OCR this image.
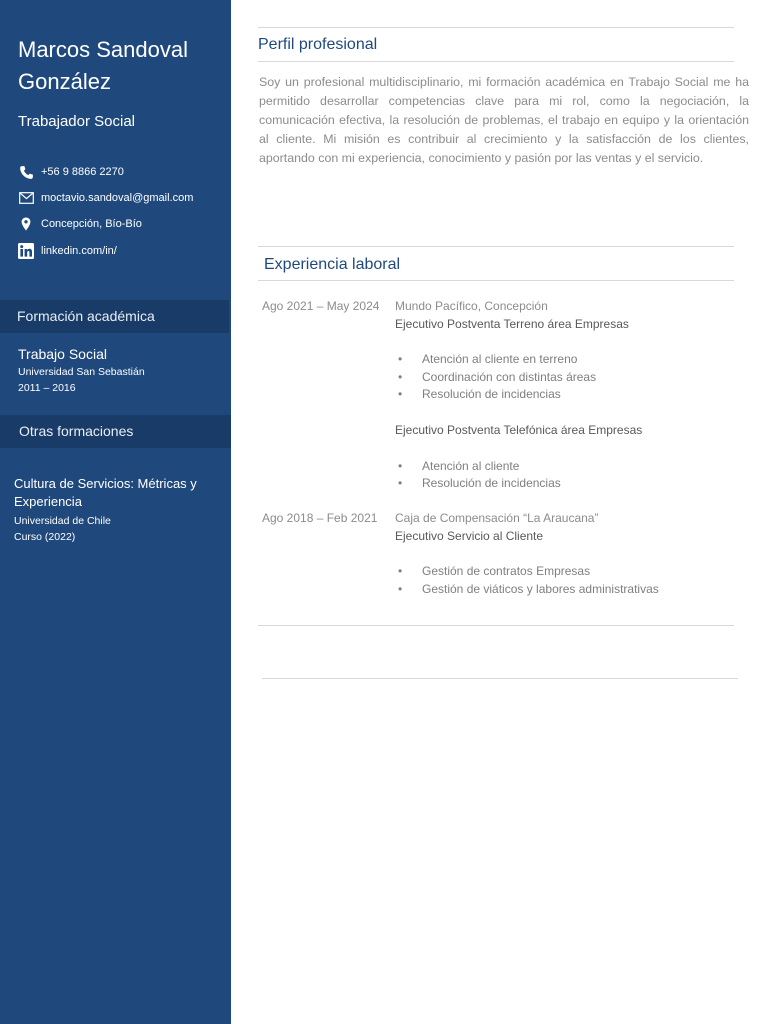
Marcos Sandoval
González
Trabajador Social
+56 9 8866 2270
moctavio.sandoval@gmail.com
Concepción, Bío-Bío
linkedin.com/in/
Formación académica
Trabajo Social
Universidad San Sebastián
2011 – 2016
Otras formaciones
Cultura de Servicios: Métricas y Experiencia
Universidad de Chile
Curso (2022)
Perfil profesional
Soy un profesional multidisciplinario, mi formación académica en Trabajo Social me ha permitido desarrollar competencias clave para mi rol, como la negociación, la comunicación efectiva, la resolución de problemas, el trabajo en equipo y la orientación al cliente. Mi misión es contribuir al crecimiento y la satisfacción de los clientes, aportando con mi experiencia, conocimiento y pasión por las ventas y el servicio.
Experiencia laboral
Ago 2021 – May 2024 Mundo Pacífico, Concepción
Ejecutivo Postventa Terreno área Empresas
• Atención al cliente en terreno
• Coordinación con distintas áreas
• Resolución de incidencias
Ejecutivo Postventa Telefónica área Empresas
• Atención al cliente
• Resolución de incidencias
Ago 2018 – Feb 2021 Caja de Compensación “La Araucana”
Ejecutivo Servicio al Cliente
• Gestión de contratos Empresas
• Gestión de viáticos y labores administrativas
